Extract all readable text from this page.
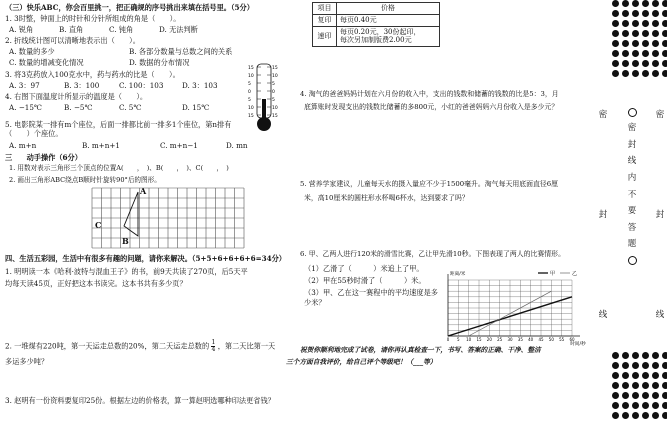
（三）快乐ABC，你会百里挑一，把正确规的序号挑出来填在括号里。（5分）
1. 3时整，钟面上的时针和分针所组成的角是（　　）。
A. 锐角	B. 直角	C. 钝角	D. 无法判断
2. 折线统计图可以清晰地表示出（　　）。
A. 数量的多少	B. 各部分数量与总数之间的关系
C. 数量的增减变化情况	D. 数据的分布情况
3. 将3克药放入100克水中，药与药水的比是（　　）。
A. 3：97	B. 3：100	C. 100：103	D. 3：103
4. 右图下面温度计所显示的温度是（　　）。
A. −15℃	B. −5℃	C. 5℃	D. 15℃
5. 电影院某一排有m个座位，后面一排都比前一排多1个座位，第n排有（　　）个座位。
A. m+n	B. m+n+1	C. m+n−1	D. mn
15	15
10	10
5	5
0	0
5	5
10	10
15	15
三　　动手操作（6分）
1. 用数对表示三角形三个顶点的位置A(　　，　)、B(　　，　)、C(　　，　)
2. 画出三角形ABC绕点B顺时针旋转90°后的图形。
A
C
B
四、生活五彩园，生活中有很多有趣的问题，请你来解决。（5+5+6+6+6+6=34分）
1. 明明读一本《哈利·波特与混血王子》的书，前9天共读了270页，后5天平
均每天读45页，正好把这本书读完。这本书共有多少页？
2. 一堆煤有220吨，第一天运走总数的20%，第二天运走总数的 $\frac{1}{4}$ ，第二天比第一天
多运多少吨？
3. 赵明有一份资料要复印25份。根据左边的价格表，算一算赵明选哪种印法更省钱？
项目	价格
复印	每页0.40元
速印	每页0.20元，30份起印，
每次另加制版费2.00元
4. 淘气的爸爸妈妈计划在六月份的收入中，支出的钱数和储蓄的钱数的比是5：3，月
底算账时发现支出的钱数比储蓄的多800元，小红的爸爸妈妈六月份收入是多少元？
5. 营养学家建议，儿童每天水的摄入量应不少于1500毫升。淘气每天用底面直径6厘
米，高10厘米的圆柱形水杯喝6杯水，达到要求了吗？
6. 甲、乙两人进行120米的滑雪比赛，乙让甲先滑10秒。下图表现了两人的比赛情形。
（1）乙滑了（　　　）米追上了甲。
（2）甲在55秒时滑了（　　　）米。
（3）甲、乙在这一赛程中的平均速度是多
少米？
0 5 10 15 20 25 30 35 40 45 50 55 60
距离/米
时间/秒
甲	乙
祝贺你顺利地完成了试卷，请你再认真检查一下，书写、答案的正确、干净、整洁
三个方面自我评价，给自己评个等级吧！（___等）
密
封
线
密
封
线
密
封
线
内
不
要
答
题
